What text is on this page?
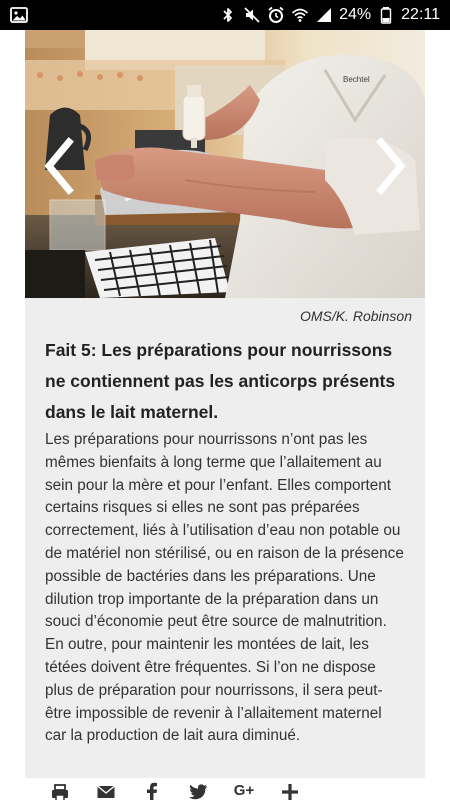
24% 22:11
Bechtel
OMS/K. Robinson
Fait 5: Les préparations pour nourrissons ne contiennent pas les anticorps présents dans le lait maternel.

Les préparations pour nourrissons n’ont pas les mêmes bienfaits à long terme que l’allaitement au sein pour la mère et pour l’enfant. Elles comportent certains risques si elles ne sont pas préparées correctement, liés à l’utilisation d’eau non potable ou de matériel non stérilisé, ou en raison de la présence possible de bactéries dans les préparations. Une dilution trop importante de la préparation dans un souci d’économie peut être source de malnutrition. En outre, pour maintenir les montées de lait, les tétées doivent être fréquentes. Si l’on ne dispose plus de préparation pour nourrissons, il sera peut-être impossible de revenir à l’allaitement maternel car la production de lait aura diminué.

G+
